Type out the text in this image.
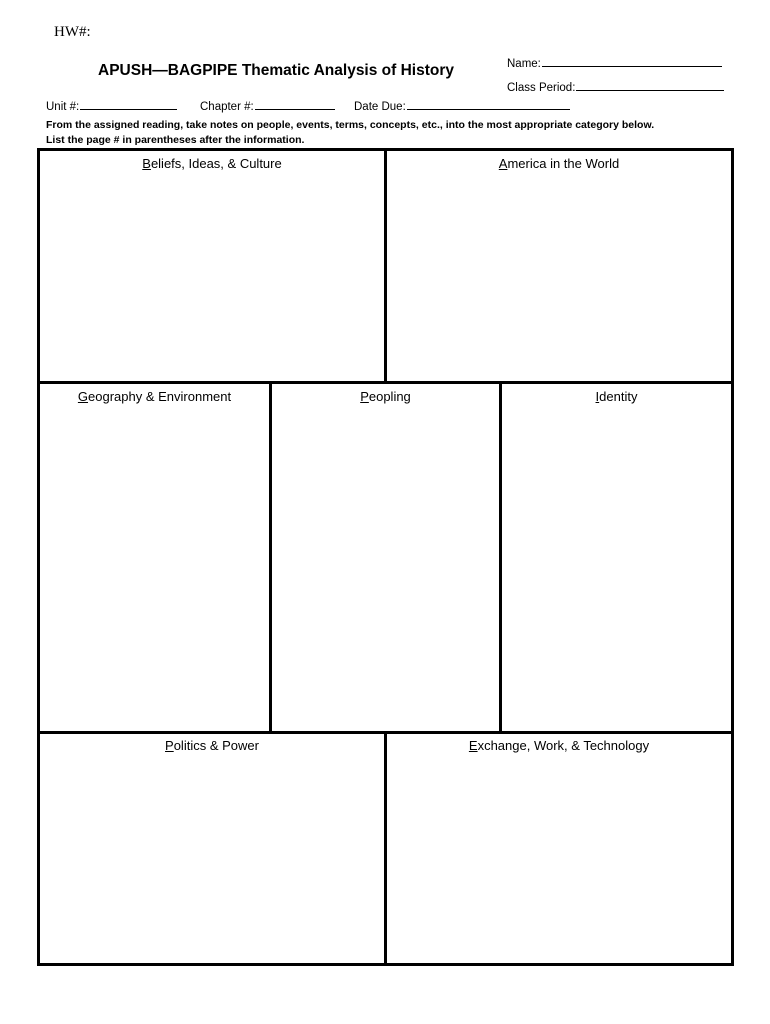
HW#:
APUSH—BAGPIPE Thematic Analysis of History	Name:
Class Period:
Unit #:	Chapter #:	Date Due:
From the assigned reading, take notes on people, events, terms, concepts, etc., into the most appropriate category below.
List the page # in parentheses after the information.
Beliefs, Ideas, & Culture	America in the World
Geography & Environment	Peopling	Identity
Politics & Power	Exchange, Work, & Technology
